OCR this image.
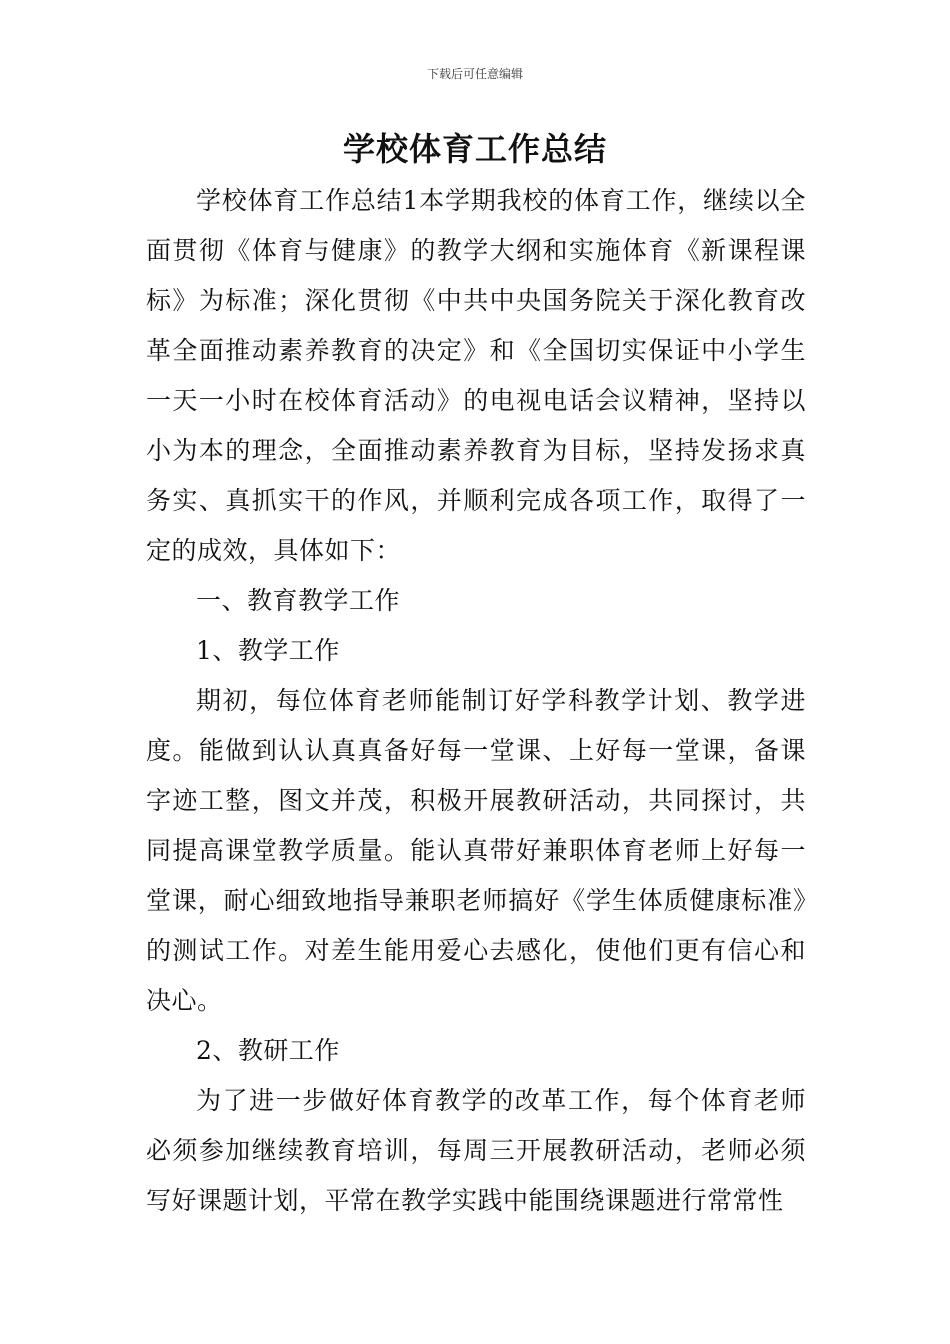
下载后可任意编辑
学校体育工作总结

学校体育工作总结1本学期我校的体育工作，继续以全面贯彻《体育与健康》的教学大纲和实施体育《新课程课标》为标准；深化贯彻《中共中央国务院关于深化教育改革全面推动素养教育的决定》和《全国切实保证中小学生一天一小时在校体育活动》的电视电话会议精神，坚持以小为本的理念，全面推动素养教育为目标，坚持发扬求真务实、真抓实干的作风，并顺利完成各项工作，取得了一定的成效，具体如下：

一、教育教学工作

1、教学工作

期初，每位体育老师能制订好学科教学计划、教学进度。能做到认认真真备好每一堂课、上好每一堂课，备课字迹工整，图文并茂，积极开展教研活动，共同探讨，共同提高课堂教学质量。能认真带好兼职体育老师上好每一堂课，耐心细致地指导兼职老师搞好《学生体质健康标准》的测试工作。对差生能用爱心去感化，使他们更有信心和决心。

2、教研工作

为了进一步做好体育教学的改革工作，每个体育老师必须参加继续教育培训，每周三开展教研活动，老师必须写好课题计划，平常在教学实践中能围绕课题进行常常性
